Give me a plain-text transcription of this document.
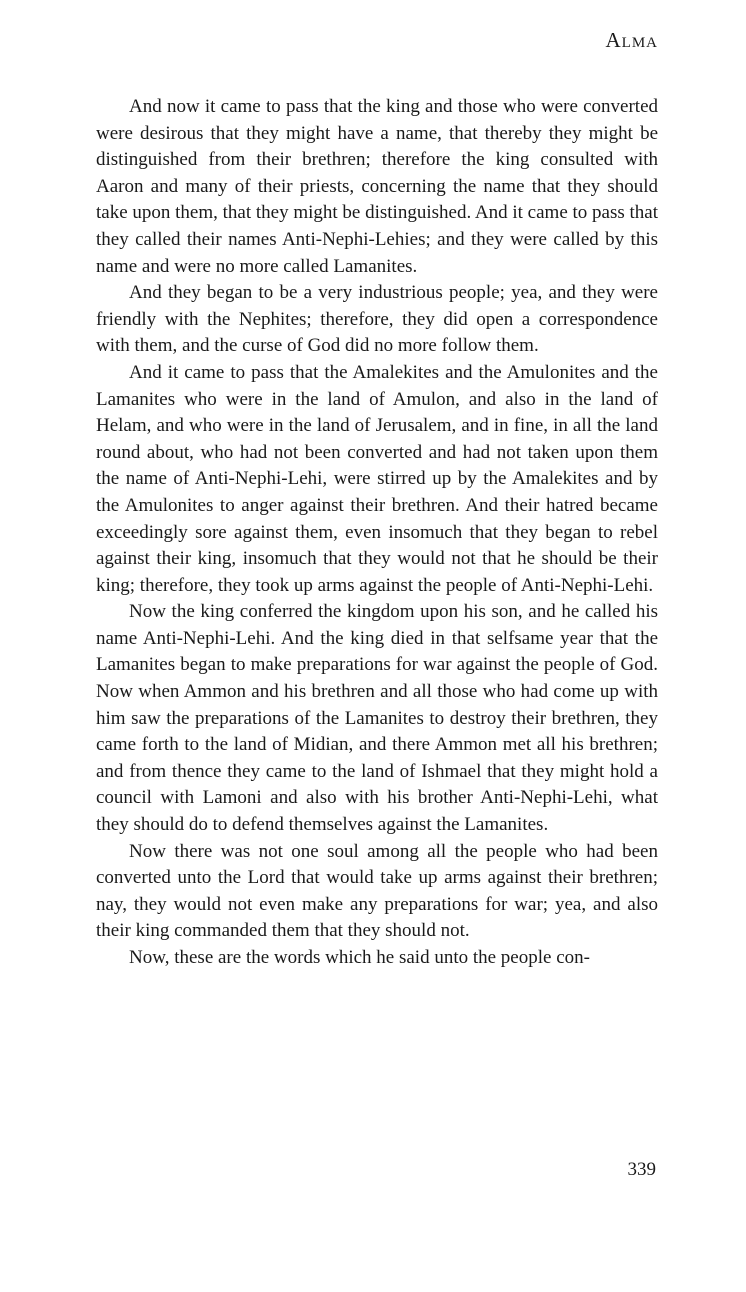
Alma

And now it came to pass that the king and those who were converted were desirous that they might have a name, that thereby they might be distinguished from their brethren; therefore the king consulted with Aaron and many of their priests, concerning the name that they should take upon them, that they might be distinguished. And it came to pass that they called their names Anti-Nephi-Lehies; and they were called by this name and were no more called Lamanites.

And they began to be a very industrious people; yea, and they were friendly with the Nephites; therefore, they did open a correspondence with them, and the curse of God did no more follow them.

And it came to pass that the Amalekites and the Amulonites and the Lamanites who were in the land of Amulon, and also in the land of Helam, and who were in the land of Jerusalem, and in fine, in all the land round about, who had not been converted and had not taken upon them the name of Anti-Nephi-Lehi, were stirred up by the Amalekites and by the Amulonites to anger against their brethren. And their hatred became exceedingly sore against them, even insomuch that they began to rebel against their king, insomuch that they would not that he should be their king; therefore, they took up arms against the people of Anti-Nephi-Lehi.

Now the king conferred the kingdom upon his son, and he called his name Anti-Nephi-Lehi. And the king died in that selfsame year that the Lamanites began to make preparations for war against the people of God. Now when Ammon and his brethren and all those who had come up with him saw the preparations of the Lamanites to destroy their brethren, they came forth to the land of Midian, and there Ammon met all his brethren; and from thence they came to the land of Ishmael that they might hold a council with Lamoni and also with his brother Anti-Nephi-Lehi, what they should do to defend themselves against the Lamanites.

Now there was not one soul among all the people who had been converted unto the Lord that would take up arms against their brethren; nay, they would not even make any preparations for war; yea, and also their king commanded them that they should not.

Now, these are the words which he said unto the people con-

339
